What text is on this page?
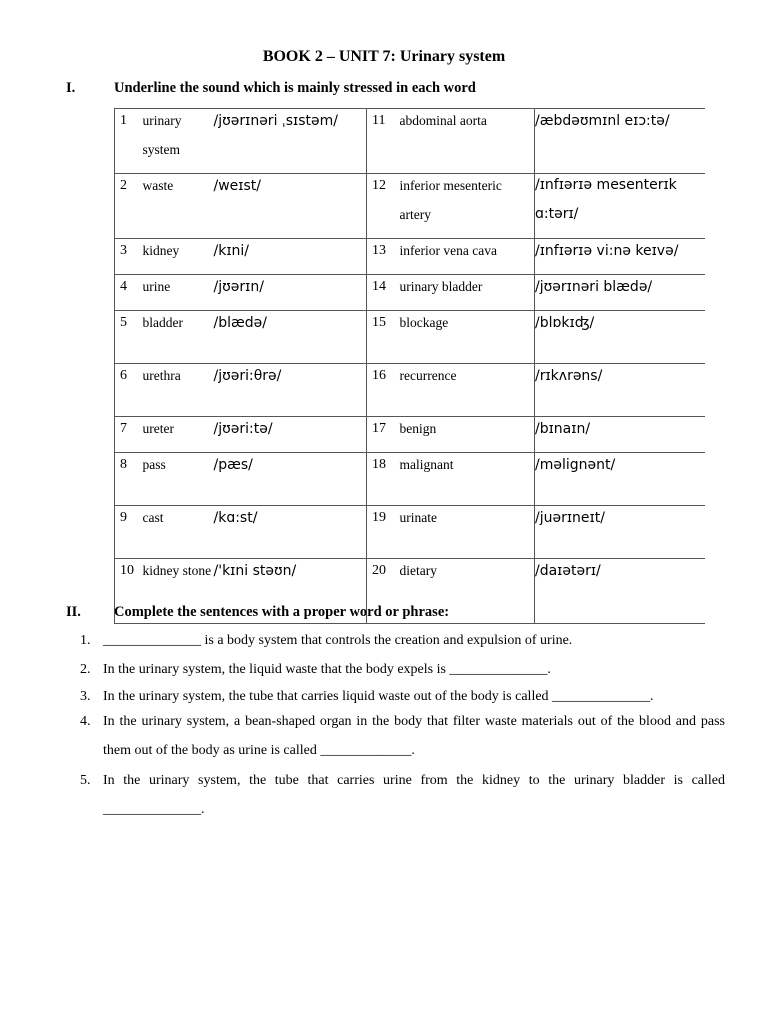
BOOK 2 – UNIT 7: Urinary system
I.	Underline the sound which is mainly stressed in each word
1	urinary system	/jʊərɪnəri ˌsɪstəm/	11	abdominal aorta	/æbdəʊmɪnl eɪɔ:tə/
2	waste	/weɪst/	12	inferior mesenteric artery	/ɪnfɪərɪə mesenterɪk ɑ:tərɪ/

3	kidney	/kɪni/	13	inferior vena cava	/ɪnfɪərɪə vi:nə keɪvə/
4	urine	/jʊərɪn/	14	urinary bladder	/jʊərɪnəri blædə/
5	bladder	/blædə/	15	blockage	/blɒkɪʤ/
6	urethra	/jʊəri:θrə/	16	recurrence	/rɪkʌrəns/
7	ureter	/jʊəri:tə/	17	benign	/bɪnaɪn/
8	pass	/pæs/	18	malignant	/məlignənt/
9	cast	/kɑ:st/	19	urinate	/juərɪneɪt/
10	kidney stone	/'kɪni stəʊn/	20	dietary	/daɪətərɪ/
II.	Complete the sentences with a proper word or phrase:
1. ______________ is a body system that controls the creation and expulsion of urine.
2. In the urinary system, the liquid waste that the body expels is ______________.
3. In the urinary system, the tube that carries liquid waste out of the body is called ______________.
4. In the urinary system, a bean-shaped organ in the body that filter waste materials out of the blood and pass them out of the body as urine is called _____________.
5. In the urinary system, the tube that carries urine from the kidney to the urinary bladder is called ______________.
